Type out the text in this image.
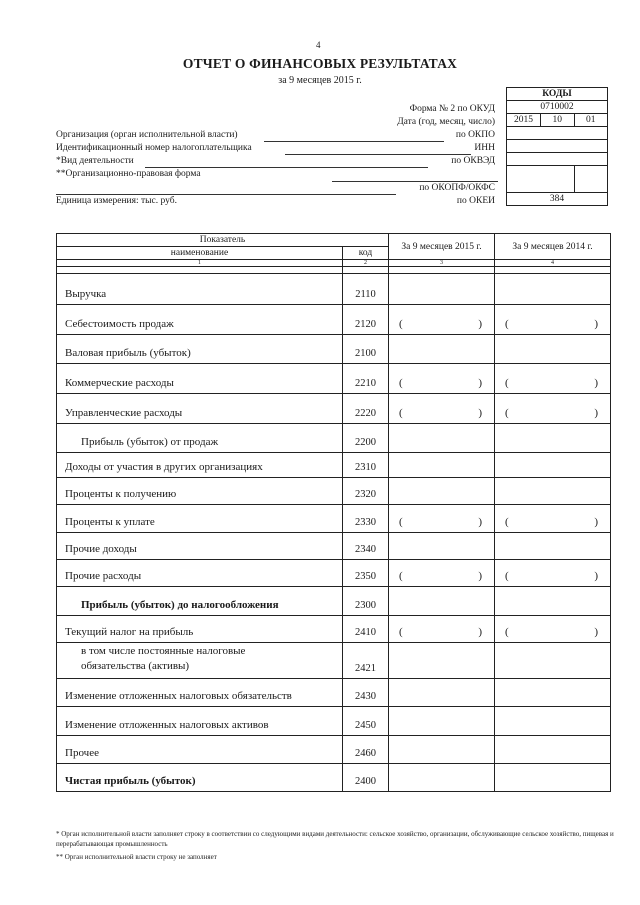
4
ОТЧЕТ О ФИНАНСОВЫХ РЕЗУЛЬТАТАХ
за 9 месяцев 2015 г.
Форма № 2 по ОКУД
Дата (год, месяц, число)
Организация (орган исполнительной власти)	по ОКПО
Идентификационный номер налогоплательщика	ИНН
*Вид деятельности	по ОКВЭД
**Организационно-правовая форма
по ОКОПФ/ОКФС
Единица измерения: тыс. руб.	по ОКЕИ
КОДЫ		
0710002		
2015	10	01

384		
Показатель		За 9 месяцев 2015 г.	За 9 месяцев 2014 г.
наименование	код		
1	2	3	4

Выручка	2110		
Себестоимость продаж	2120	( )	( )

Валовая прибыль (убыток)	2100		
Коммерческие расходы	2210	( )	( )

Управленческие расходы	2220	( )	( )

Прибыль (убыток) от продаж	2200		
Доходы от участия в других организациях	2310		
Проценты к получению	2320		
Проценты к уплате	2330	( )	( )

Прочие доходы	2340		
Прочие расходы	2350	( )	( )

Прибыль (убыток) до налогообложения	2300		
Текущий налог на прибыль	2410	( )	( )

в том числе постоянные налоговые
обязательства (активы)	2421		
Изменение отложенных налоговых обязательств	2430		
Изменение отложенных налоговых активов	2450		
Прочее	2460		
Чистая прибыль (убыток)	2400		
* Орган исполнительной власти заполняет строку в соответствии со следующими видами деятельности: сельское хозяйство, организации, обслуживающие сельское хозяйство, пищевая и перерабатывающая промышленность
** Орган исполнительной власти строку не заполняет
